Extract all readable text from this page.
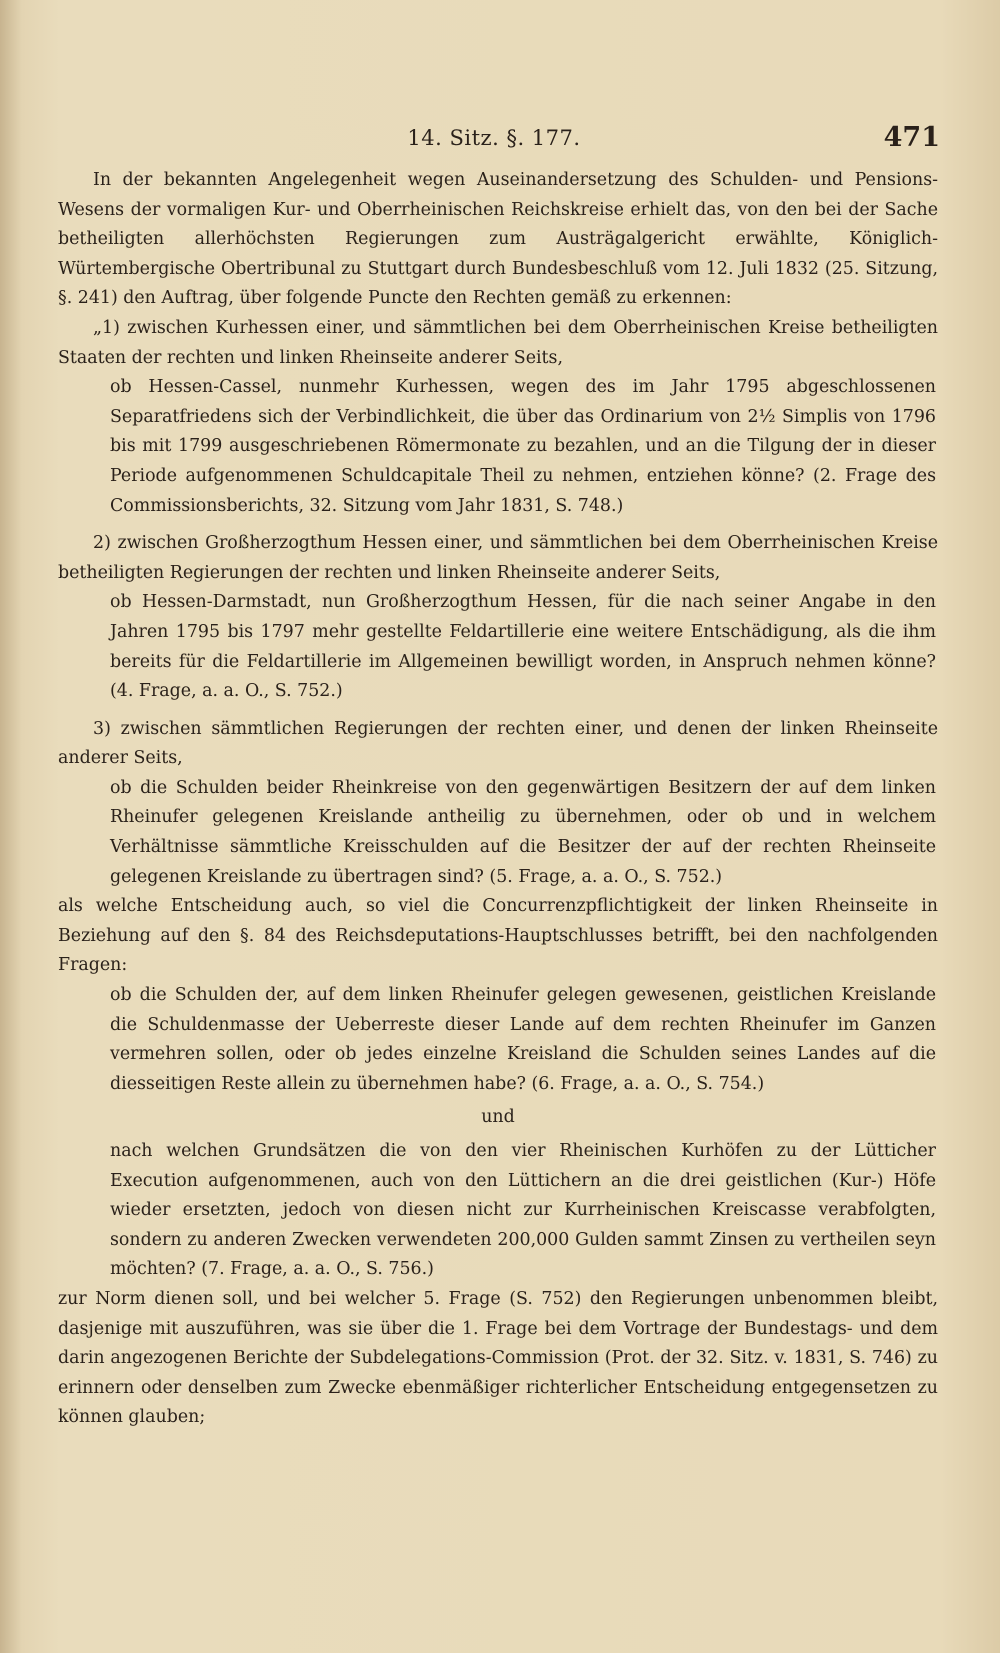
14. Sitz. §. 177.	471

In der bekannten Angelegenheit wegen Auseinandersetzung des Schulden- und Pensions-Wesens der vormaligen Kur- und Oberrheinischen Reichskreise erhielt das, von den bei der Sache betheiligten allerhöchsten Regierungen zum Austrägalgericht erwählte, Königlich-Würtembergische Obertribunal zu Stuttgart durch Bundesbeschluß vom 12. Juli 1832 (25. Sitzung, §. 241) den Auftrag, über folgende Puncte den Rechten gemäß zu erkennen:

„1) zwischen Kurhessen einer, und sämmtlichen bei dem Oberrheinischen Kreise betheiligten Staaten der rechten und linken Rheinseite anderer Seits,

ob Hessen-Cassel, nunmehr Kurhessen, wegen des im Jahr 1795 abgeschlossenen Separatfriedens sich der Verbindlichkeit, die über das Ordinarium von 2½ Simplis von 1796 bis mit 1799 ausgeschriebenen Römermonate zu bezahlen, und an die Tilgung der in dieser Periode aufgenommenen Schuldcapitale Theil zu nehmen, entziehen könne? (2. Frage des Commissionsberichts, 32. Sitzung vom Jahr 1831, S. 748.)

2) zwischen Großherzogthum Hessen einer, und sämmtlichen bei dem Oberrheinischen Kreise betheiligten Regierungen der rechten und linken Rheinseite anderer Seits,

ob Hessen-Darmstadt, nun Großherzogthum Hessen, für die nach seiner Angabe in den Jahren 1795 bis 1797 mehr gestellte Feldartillerie eine weitere Entschädigung, als die ihm bereits für die Feldartillerie im Allgemeinen bewilligt worden, in Anspruch nehmen könne? (4. Frage, a. a. O., S. 752.)

3) zwischen sämmtlichen Regierungen der rechten einer, und denen der linken Rheinseite anderer Seits,

ob die Schulden beider Rheinkreise von den gegenwärtigen Besitzern der auf dem linken Rheinufer gelegenen Kreislande antheilig zu übernehmen, oder ob und in welchem Verhältnisse sämmtliche Kreisschulden auf die Besitzer der auf der rechten Rheinseite gelegenen Kreislande zu übertragen sind? (5. Frage, a. a. O., S. 752.)

als welche Entscheidung auch, so viel die Concurrenzpflichtigkeit der linken Rheinseite in Beziehung auf den §. 84 des Reichsdeputations-Hauptschlusses betrifft, bei den nachfolgenden Fragen:

ob die Schulden der, auf dem linken Rheinufer gelegen gewesenen, geistlichen Kreislande die Schuldenmasse der Ueberreste dieser Lande auf dem rechten Rheinufer im Ganzen vermehren sollen, oder ob jedes einzelne Kreisland die Schulden seines Landes auf die diesseitigen Reste allein zu übernehmen habe? (6. Frage, a. a. O., S. 754.)

und

nach welchen Grundsätzen die von den vier Rheinischen Kurhöfen zu der Lütticher Execution aufgenommenen, auch von den Lüttichern an die drei geistlichen (Kur-) Höfe wieder ersetzten, jedoch von diesen nicht zur Kurrheinischen Kreiscasse verabfolgten, sondern zu anderen Zwecken verwendeten 200,000 Gulden sammt Zinsen zu vertheilen seyn möchten? (7. Frage, a. a. O., S. 756.)

zur Norm dienen soll, und bei welcher 5. Frage (S. 752) den Regierungen unbenommen bleibt, dasjenige mit auszuführen, was sie über die 1. Frage bei dem Vortrage der Bundestags- und dem darin angezogenen Berichte der Subdelegations-Commission (Prot. der 32. Sitz. v. 1831, S. 746) zu erinnern oder denselben zum Zwecke ebenmäßiger richterlicher Entscheidung entgegensetzen zu können glauben;
